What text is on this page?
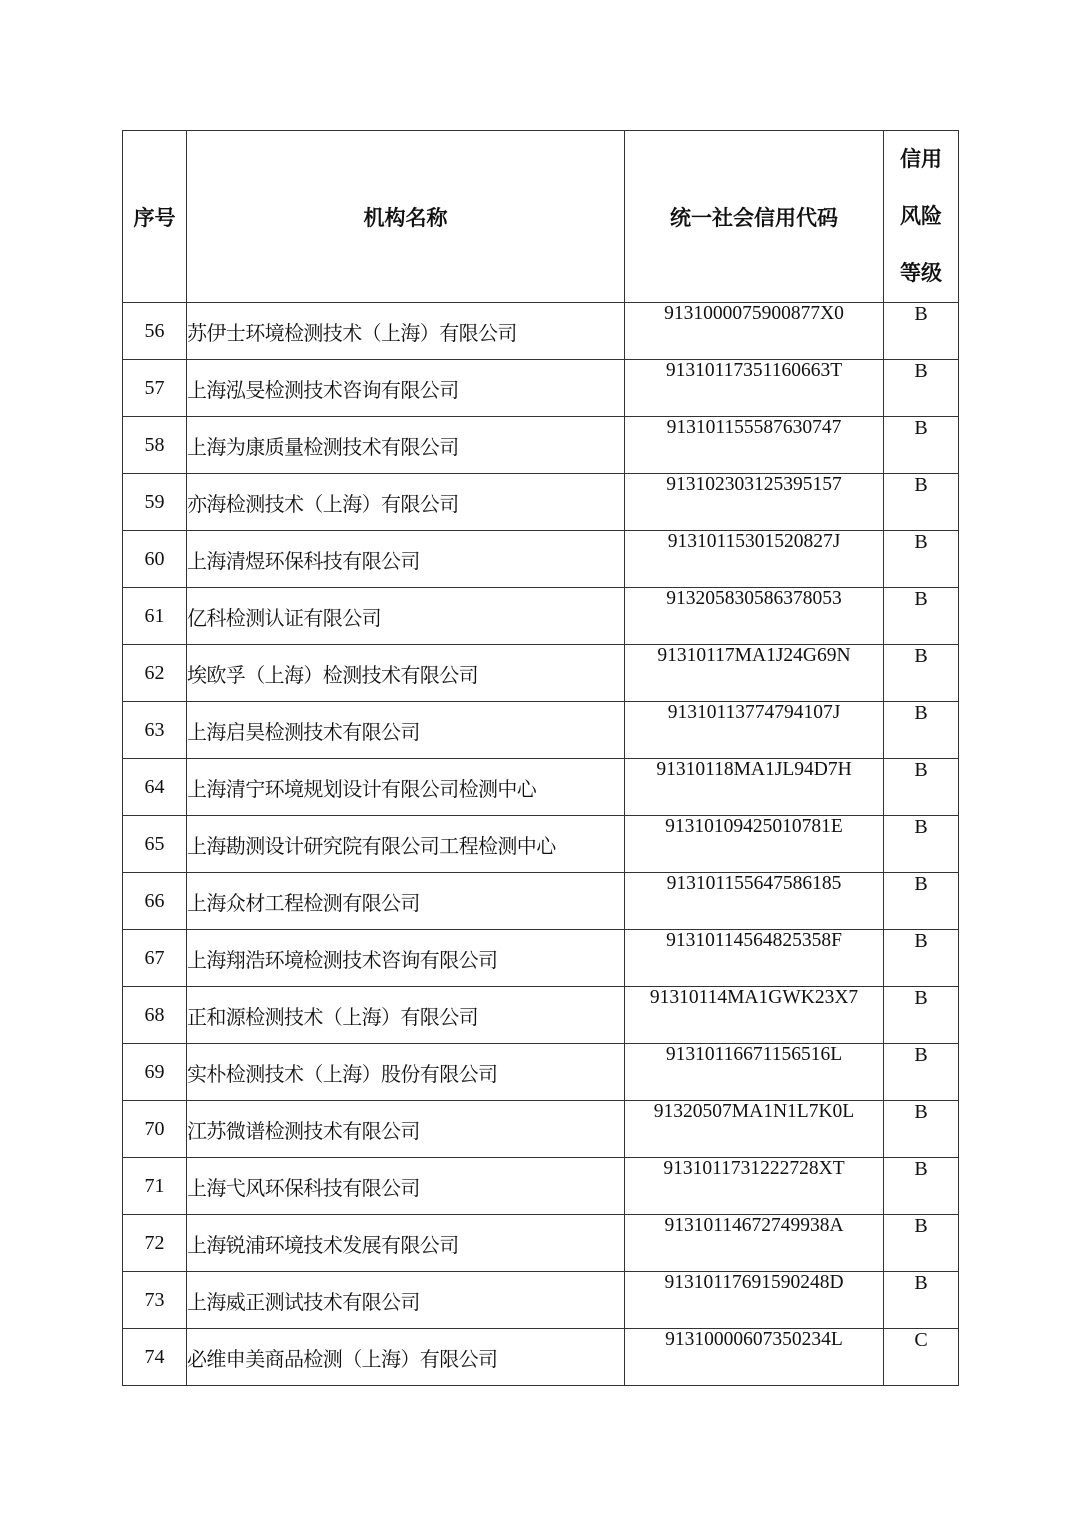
序号	机构名称	统一社会信用代码	信用
风险
等级
56	苏伊士环境检测技术（上海）有限公司	9131000075900877X0	B
57	上海泓旻检测技术咨询有限公司	91310117351160663T	B
58	上海为康质量检测技术有限公司	913101155587630747	B
59	亦海检测技术（上海）有限公司	913102303125395157	B
60	上海清煜环保科技有限公司	91310115301520827J	B
61	亿科检测认证有限公司	913205830586378053	B
62	埃欧孚（上海）检测技术有限公司	91310117MA1J24G69N	B
63	上海启昊检测技术有限公司	91310113774794107J	B
64	上海清宁环境规划设计有限公司检测中心	91310118MA1JL94D7H	B
65	上海勘测设计研究院有限公司工程检测中心	91310109425010781E	B
66	上海众材工程检测有限公司	913101155647586185	B
67	上海翔浩环境检测技术咨询有限公司	91310114564825358F	B
68	正和源检测技术（上海）有限公司	91310114MA1GWK23X7	B
69	实朴检测技术（上海）股份有限公司	91310116671156516L	B
70	江苏微谱检测技术有限公司	91320507MA1N1L7K0L	B
71	上海弋风环保科技有限公司	9131011731222728XT	B
72	上海锐浦环境技术发展有限公司	91310114672749938A	B
73	上海威正测试技术有限公司	91310117691590248D	B
74	必维申美商品检测（上海）有限公司	91310000607350234L	C
